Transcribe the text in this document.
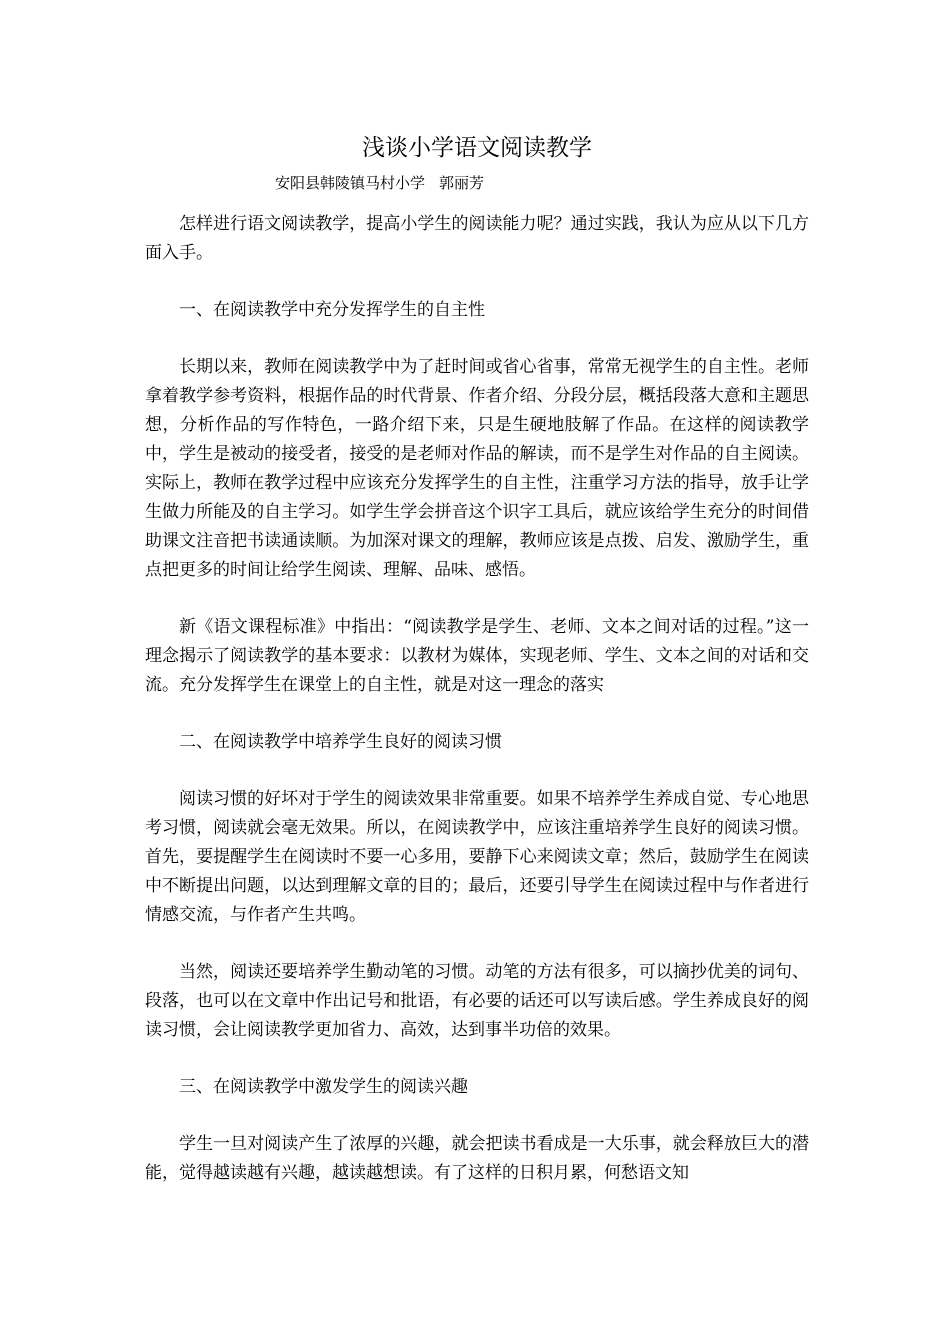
浅谈小学语文阅读教学

安阳县韩陵镇马村小学 郭丽芳

怎样进行语文阅读教学，提高小学生的阅读能力呢？通过实践，我认为应从以下几方面入手。

一、在阅读教学中充分发挥学生的自主性

长期以来，教师在阅读教学中为了赶时间或省心省事，常常无视学生的自主性。老师拿着教学参考资料，根据作品的时代背景、作者介绍、分段分层，概括段落大意和主题思想，分析作品的写作特色，一路介绍下来，只是生硬地肢解了作品。在这样的阅读教学中，学生是被动的接受者，接受的是老师对作品的解读，而不是学生对作品的自主阅读。实际上，教师在教学过程中应该充分发挥学生的自主性，注重学习方法的指导，放手让学生做力所能及的自主学习。如学生学会拼音这个识字工具后，就应该给学生充分的时间借助课文注音把书读通读顺。为加深对课文的理解，教师应该是点拨、启发、激励学生，重点把更多的时间让给学生阅读、理解、品味、感悟。

新《语文课程标准》中指出：“阅读教学是学生、老师、文本之间对话的过程。”这一理念揭示了阅读教学的基本要求：以教材为媒体，实现老师、学生、文本之间的对话和交流。充分发挥学生在课堂上的自主性，就是对这一理念的落实

二、在阅读教学中培养学生良好的阅读习惯

阅读习惯的好坏对于学生的阅读效果非常重要。如果不培养学生养成自觉、专心地思考习惯，阅读就会毫无效果。所以，在阅读教学中，应该注重培养学生良好的阅读习惯。首先，要提醒学生在阅读时不要一心多用，要静下心来阅读文章；然后，鼓励学生在阅读中不断提出问题，以达到理解文章的目的；最后，还要引导学生在阅读过程中与作者进行情感交流，与作者产生共鸣。

当然，阅读还要培养学生勤动笔的习惯。动笔的方法有很多，可以摘抄优美的词句、段落，也可以在文章中作出记号和批语，有必要的话还可以写读后感。学生养成良好的阅读习惯，会让阅读教学更加省力、高效，达到事半功倍的效果。

三、在阅读教学中激发学生的阅读兴趣

学生一旦对阅读产生了浓厚的兴趣，就会把读书看成是一大乐事，就会释放巨大的潜能，觉得越读越有兴趣，越读越想读。有了这样的日积月累，何愁语文知
